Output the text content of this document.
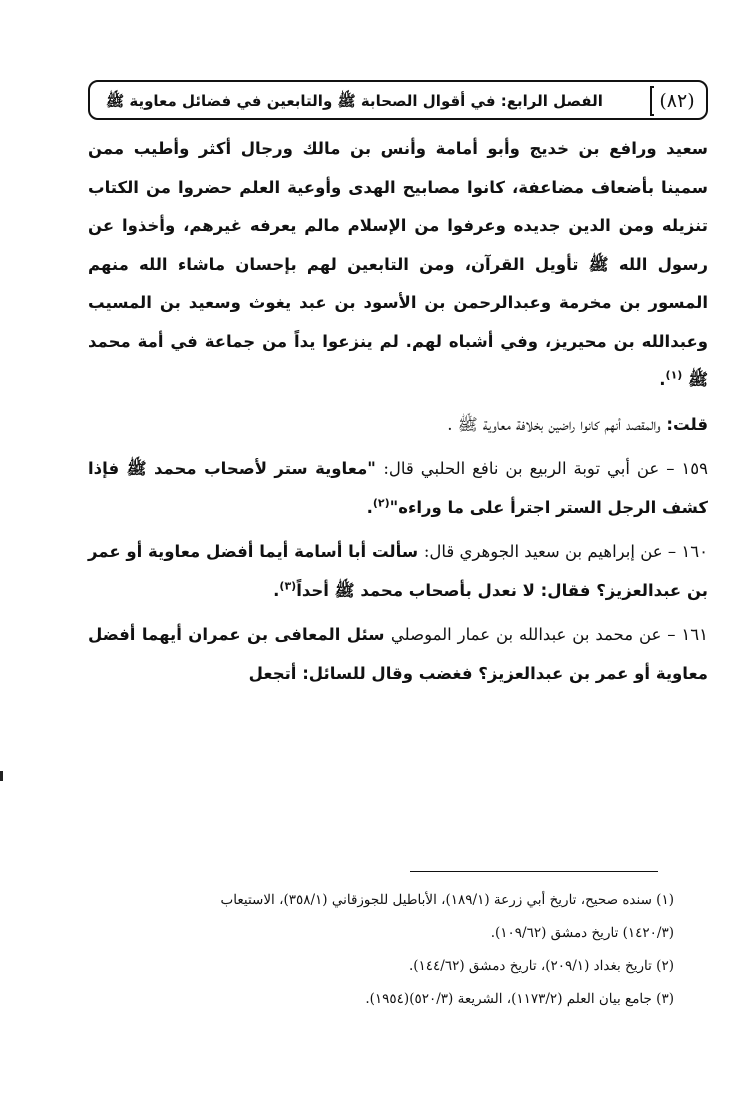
(٨٢)
الفصل الرابع: في أقوال الصحابة ﷺ والتابعين في فضائل معاوية ﷺ

سعيد ورافع بن خديج وأبو أمامة وأنس بن مالك ورجال أكثر وأطيب ممن سمينا بأضعاف مضاعفة، كانوا مصابيح الهدى وأوعية العلم حضروا من الكتاب تنزيله ومن الدين جديده وعرفوا من الإسلام مالم يعرفه غيرهم، وأخذوا عن رسول الله ﷺ تأويل القرآن، ومن التابعين لهم بإحسان ماشاء الله منهم المسور بن مخرمة وعبدالرحمن بن الأسود بن عبد يغوث وسعيد بن المسيب وعبدالله بن محيريز، وفي أشباه لهم. لم ينزعوا يداً من جماعة في أمة محمد ﷺ $^{(١)}$.

قلت: والمقصد أنهم كانوا راضين بخلافة معاوية ﷺ .

١٥٩ – عن أبي توبة الربيع بن نافع الحلبي قال: "معاوية ستر لأصحاب محمد ﷺ فإذا كشف الرجل الستر اجترأ على ما وراءه"$^{(٢)}$.

١٦٠ – عن إبراهيم بن سعيد الجوهري قال: سألت أبا أسامة أيما أفضل معاوية أو عمر بن عبدالعزيز؟ فقال: لا نعدل بأصحاب محمد ﷺ أحداً$^{(٣)}$.

١٦١ – عن محمد بن عبدالله بن عمار الموصلي سئل المعافى بن عمران أيهما أفضل معاوية أو عمر بن عبدالعزيز؟ فغضب وقال للسائل: أتجعل

(١) سنده صحيح، تاريخ أبي زرعة (١٨٩/١)، الأباطيل للجوزقاني (٣٥٨/١)، الاستيعاب

(١٤٢٠/٣) تاريخ دمشق (١٠٩/٦٢).

(٢) تاريخ بغداد (٢٠٩/١)، تاريخ دمشق (١٤٤/٦٢).

(٣) جامع بيان العلم (١١٧٣/٢)، الشريعة (٥٢٠/٣)(١٩٥٤).
